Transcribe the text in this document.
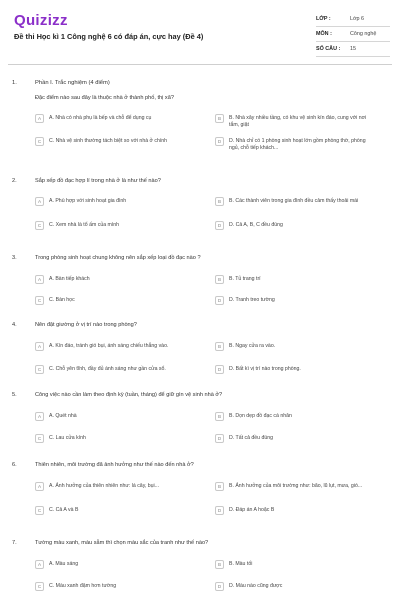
Quizizz
Đề thi Học kì 1 Công nghệ 6 có đáp án, cực hay (Đề 4)
LỚP :	Lớp 6
MÔN :	Công nghệ
SỐ CÂU :	15
1.	Phần I. Trắc nghiệm (4 điểm)
Đặc điểm nào sau đây là thuộc nhà ở thành phố, thị xã?
A	A. Nhà có nhà phụ là bếp và chỗ để dụng cụ	B	B. Nhà xây nhiều tầng, có khu vệ sinh kín đáo, cung với nơi tắm, giặt
C	C. Nhà vệ sinh thường tách biệt so với nhà ở chính	D	D. Nhà chỉ có 1 phòng sinh hoạt lớn gồm phòng thờ, phòng ngủ, chỗ tiếp khách...
2.	Sắp xếp đồ đạc hợp lí trong nhà ở là như thế nào?
A	A. Phù hợp với sinh hoạt gia đình	B	B. Các thành viên trong gia đình đều cảm thấy thoải mái
C	C. Xem nhà là tổ ấm của mình	D	D. Cả A, B, C đều đúng
3.	Trong phòng sinh hoạt chung không nên sắp xếp loại đồ đạc nào ?
A	A. Bàn tiếp khách	B	B. Tủ trang trí
C	C. Bàn học	D	D. Tranh treo tường
4.	Nên đặt giường ở vị trí nào trong phòng?
A	A. Kín đáo, tránh gió bụi, ánh sáng chiếu thẳng vào.	B	B. Ngay cửa ra vào.
C	C. Chỗ yên tĩnh, đầy đủ ánh sáng như gần cửa sổ.	D	D. Bất kì vị trí nào trong phòng.
5.	Công việc nào cần làm theo định kỳ (tuần, tháng) để giữ gìn vệ sinh nhà ở?
A	A. Quét nhà	B	B. Dọn dẹp đồ đạc cá nhân
C	C. Lau cửa kính	D	D. Tất cả đều đúng
6.	Thiên nhiên, môi trường đã ảnh hưởng như thế nào đến nhà ở?
A	A. Ảnh hưởng của thiên nhiên như: lá cây, bụi...	B	B. Ảnh hưởng của môi trường như: bão, lũ lụt, mưa, gió...
C	C. Cả A và B	D	D. Đáp án A hoặc B
7.	Tường màu xanh, màu sẫm thì chọn màu sắc của tranh như thế nào?
A	A. Màu sáng	B	B. Màu tối
C	C. Màu xanh đậm hơn tường	D	D. Màu nào cũng được
